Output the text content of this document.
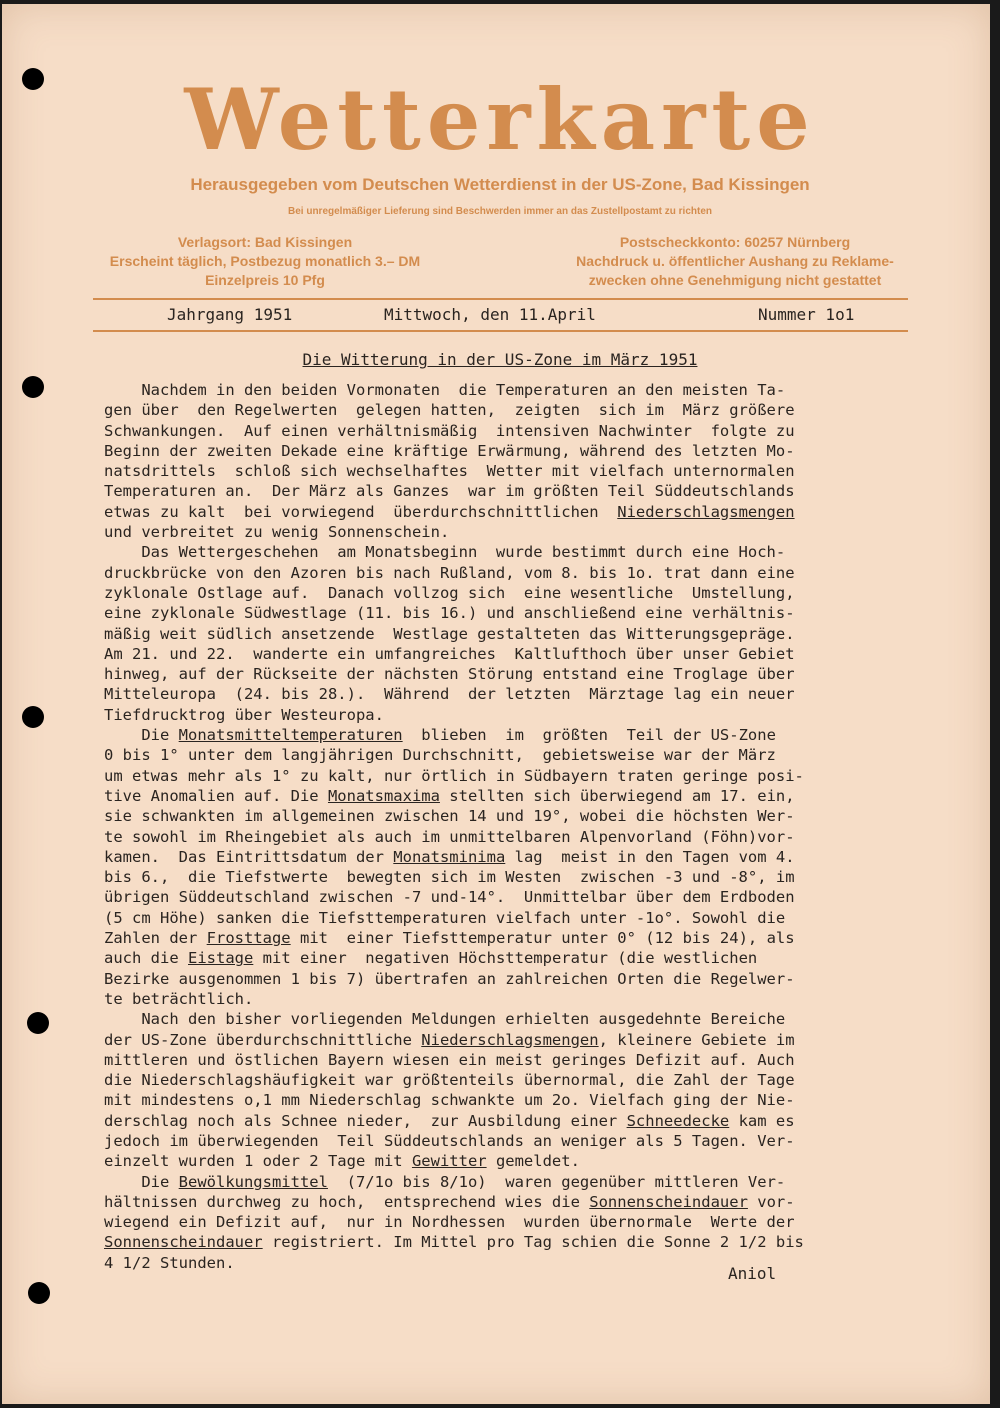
Wetterkarte
Herausgegeben vom Deutschen Wetterdienst in der US-Zone, Bad Kissingen
Bei unregelmäßiger Lieferung sind Beschwerden immer an das Zustellpostamt zu richten
Verlagsort: Bad Kissingen
Erscheint täglich, Postbezug monatlich 3.– DM
Einzelpreis 10 Pfg
Postscheckkonto: 60257 Nürnberg
Nachdruck u. öffentlicher Aushang zu Reklame-
zwecken ohne Genehmigung nicht gestattet
Jahrgang 1951	Mittwoch, den 11.April	Nummer 1o1
Die Witterung in der US-Zone im März 1951
Nachdem in den beiden Vormonaten  die Temperaturen an den meisten Ta-
gen über  den Regelwerten  gelegen hatten,  zeigten  sich im  März größere
Schwankungen.  Auf einen verhältnismäßig  intensiven Nachwinter  folgte zu
Beginn der zweiten Dekade eine kräftige Erwärmung, während des letzten Mo-
natsdrittels  schloß sich wechselhaftes  Wetter mit vielfach unternormalen
Temperaturen an.  Der März als Ganzes  war im größten Teil Süddeutschlands
etwas zu kalt  bei vorwiegend  überdurchschnittlichen  Niederschlagsmengen
und verbreitet zu wenig Sonnenschein.
Das Wettergeschehen  am Monatsbeginn  wurde bestimmt durch eine Hoch-
druckbrücke von den Azoren bis nach Rußland, vom 8. bis 1o. trat dann eine
zyklonale Ostlage auf.  Danach vollzog sich  eine wesentliche  Umstellung,
eine zyklonale Südwestlage (11. bis 16.) und anschließend eine verhältnis-
mäßig weit südlich ansetzende  Westlage gestalteten das Witterungsgepräge.
Am 21. und 22.  wanderte ein umfangreiches  Kaltlufthoch über unser Gebiet
hinweg, auf der Rückseite der nächsten Störung entstand eine Troglage über
Mitteleuropa  (24. bis 28.).  Während  der letzten  Märztage lag ein neuer
Tiefdrucktrog über Westeuropa.
Die Monatsmitteltemperaturen  blieben  im  größten  Teil der US-Zone
0 bis 1° unter dem langjährigen Durchschnitt,  gebietsweise war der März
um etwas mehr als 1° zu kalt, nur örtlich in Südbayern traten geringe posi-
tive Anomalien auf. Die Monatsmaxima stellten sich überwiegend am 17. ein,
sie schwankten im allgemeinen zwischen 14 und 19°, wobei die höchsten Wer-
te sowohl im Rheingebiet als auch im unmittelbaren Alpenvorland (Föhn)vor-
kamen.  Das Eintrittsdatum der Monatsminima lag  meist in den Tagen vom 4.
bis 6.,  die Tiefstwerte  bewegten sich im Westen  zwischen -3 und -8°, im
übrigen Süddeutschland zwischen -7 und-14°.  Unmittelbar über dem Erdboden
(5 cm Höhe) sanken die Tiefsttemperaturen vielfach unter -1o°. Sowohl die
Zahlen der Frosttage mit  einer Tiefsttemperatur unter 0° (12 bis 24), als
auch die Eistage mit einer  negativen Höchsttemperatur (die westlichen
Bezirke ausgenommen 1 bis 7) übertrafen an zahlreichen Orten die Regelwer-
te beträchtlich.
Nach den bisher vorliegenden Meldungen erhielten ausgedehnte Bereiche
der US-Zone überdurchschnittliche Niederschlagsmengen, kleinere Gebiete im
mittleren und östlichen Bayern wiesen ein meist geringes Defizit auf. Auch
die Niederschlagshäufigkeit war größtenteils übernormal, die Zahl der Tage
mit mindestens o,1 mm Niederschlag schwankte um 2o. Vielfach ging der Nie-
derschlag noch als Schnee nieder,  zur Ausbildung einer Schneedecke kam es
jedoch im überwiegenden  Teil Süddeutschlands an weniger als 5 Tagen. Ver-
einzelt wurden 1 oder 2 Tage mit Gewitter gemeldet.
Die Bewölkungsmittel  (7/1o bis 8/1o)  waren gegenüber mittleren Ver-
hältnissen durchweg zu hoch,  entsprechend wies die Sonnenscheindauer vor-
wiegend ein Defizit auf,  nur in Nordhessen  wurden übernormale  Werte der
Sonnenscheindauer registriert. Im Mittel pro Tag schien die Sonne 2 1/2 bis
4 1/2 Stunden.
Aniol
